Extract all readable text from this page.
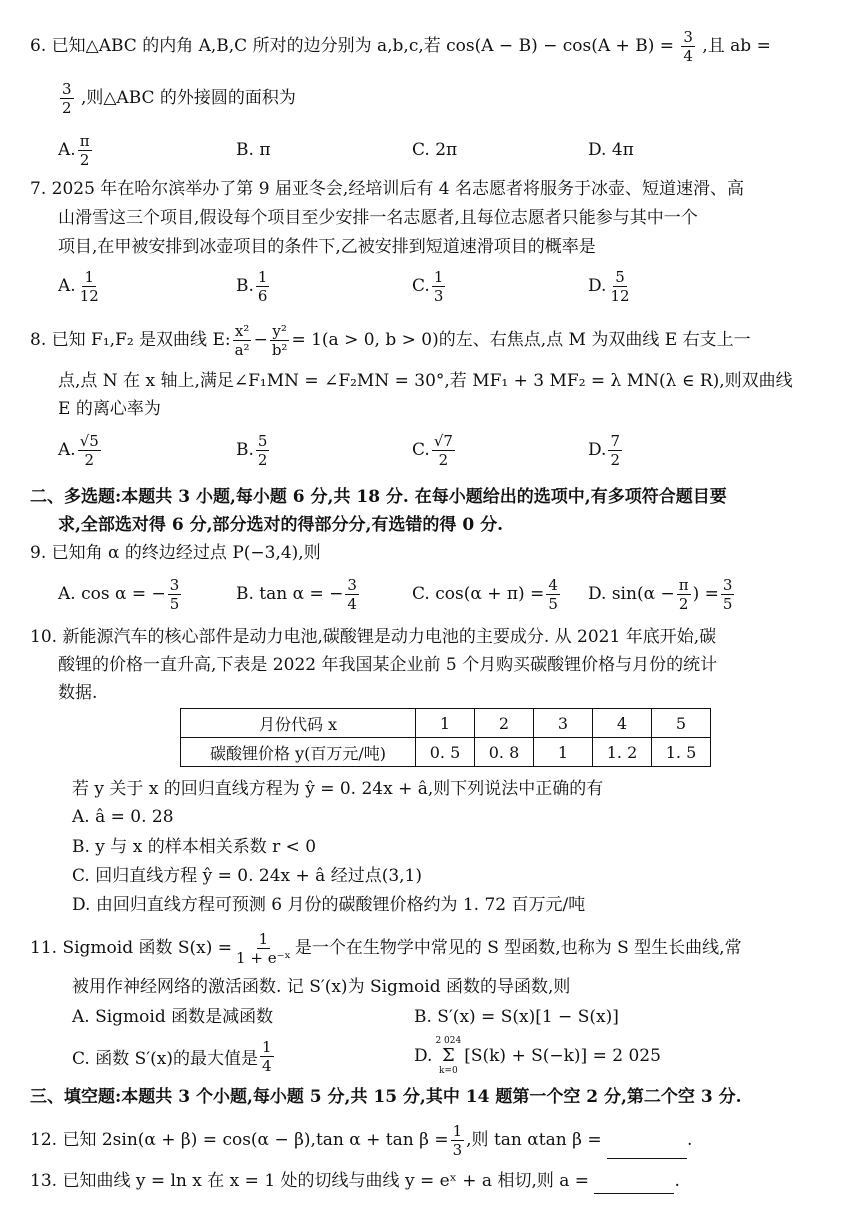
6. 已知△ABC 的内角 A,B,C 所对的边分别为 a,b,c,若 $\cos(A - B) - \cos(A + B) = \frac{3}{4}$ ,且 ab =
$\frac{3}{2}$ ,则△ABC 的外接圆的面积为
A. $\frac{\pi}{2}$	B.
π	C.
2π	D.
4π
7. 2025 年在哈尔滨举办了第 9 届亚冬会,经培训后有 4 名志愿者将服务于冰壶、短道速滑、高
山滑雪这三个项目,假设每个项目至少安排一名志愿者,且每位志愿者只能参与其中一个
项目,在甲被安排到冰壶项目的条件下,乙被安排到短道速滑项目的概率是
A. $\frac{1}{12}$	B. $\frac{1}{6}$	C. $\frac{1}{3}$	D. $\frac{5}{12}$
8. 已知 F₁,F₂ 是双曲线 E: $\frac{\text{x²}}{\text{a²}} - \frac{\text{y²}}{\text{b²}} = 1(a > 0$, b > 0)的左、右焦点,点 M 为双曲线 E 右支上一
点,点 N 在 x 轴上,满足∠F₁MN = ∠F₂MN = 30°,若 MF₁ + 3 MF₂ = λ MN(λ ∈ R),则双曲线
E 的离心率为
A. $\frac{√5}{2}$	B. $\frac{5}{2}$	C. $\frac{√7}{2}$	D. $\frac{7}{2}$
二、多选题:本题共 3 小题,每小题 6 分,共 18 分. 在每小题给出的选项中,有多项符合题目要
求,全部选对得 6 分,部分选对的得部分分,有选错的得 0 分.
9. 已知角 α 的终边经过点 P(−3,4),则
A. cos α = − $\frac{3}{5}$	B. tan α = − $\frac{3}{4}$	C. $\cos(\alpha + \pi) = \frac{4}{5} D$. $\sin(\alpha - \frac{\pi}{2}$ ) = $\frac{3}{5}$
10. 新能源汽车的核心部件是动力电池,碳酸锂是动力电池的主要成分. 从 2021 年底开始,碳
酸锂的价格一直升高,下表是 2022 年我国某企业前 5 个月购买碳酸锂价格与月份的统计
数据.
月份代码 x	1	2	3	4	5
碳酸锂价格 y(百万元/吨)	0. 5	0. 8	1	1. 2	1. 5
若 y 关于 x 的回归直线方程为 ŷ = 0. 24x + â,则下列说法中正确的有
A. â = 0. 28
B. y 与 x 的样本相关系数 r < 0
C. 回归直线方程 ŷ = 0. 24x + â 经过点(3,1)
D. 由回归直线方程可预测 6 月份的碳酸锂价格约为 1. 72 百万元/吨
11. Sigmoid 函数 $S(x) = \frac{1}{\text{1 + e⁻ˣ}}$ 是一个在生物学中常见的 S 型函数,也称为 S 型生长曲线,常
被用作神经网络的激活函数. 记 S′(x)为 Sigmoid 函数的导函数,则
A. Sigmoid 函数是减函数	B. S′(x) = S(x)[1 − S(x)]
C. 函数 S′(x)的最大值是 $\frac{1}{4}$	D.
2 024
Σ
k=0
[S(k) + S(−k)] = 2 025
三、填空题:本题共 3 个小题,每小题 5 分,共 15 分,其中 14 题第一个空 2 分,第二个空 3 分.
12. 已知 2sin(α + β) = cos(α − β),tan $\alpha + \tan \beta = \frac{1}{3}$ ,则 tan αtan β =	.
13. 已知曲线 y = ln x 在 x = 1 处的切线与曲线 y = eˣ + a 相切,则 a =	.
